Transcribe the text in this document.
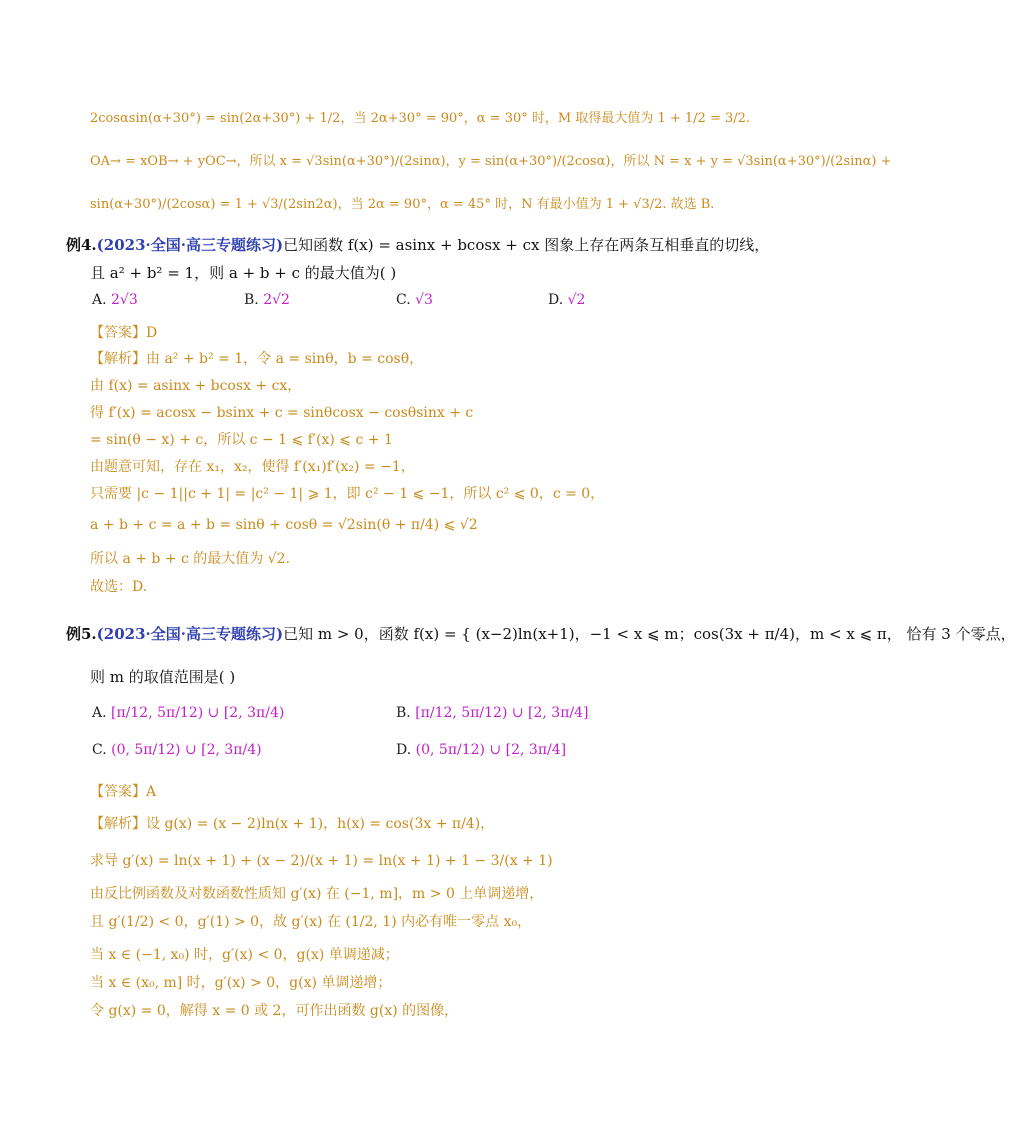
2cosαsin(α+30°) = sin(2α+30°) + 1/2，当 2α+30° = 90°，α = 30° 时，M 取得最大值为 1 + 1/2 = 3/2.
OA→ = xOB→ + yOC→，所以 x = √3sin(α+30°)/(2sinα)，y = sin(α+30°)/(2cosα)，所以 N = x + y = √3sin(α+30°)/(2sinα) +
sin(α+30°)/(2cosα) = 1 + √3/(2sin2α)，当 2α = 90°，α = 45° 时，N 有最小值为 1 + √3/2. 故选 B.
例4.(2023·全国·高三专题练习)已知函数 f(x) = asinx + bcosx + cx 图象上存在两条互相垂直的切线，
且 a² + b² = 1，则 a + b + c 的最大值为( )
A. 2√3	B. 2√2	C. √3	D. √2
【答案】D
【解析】由 a² + b² = 1，令 a = sinθ，b = cosθ，
由 f(x) = asinx + bcosx + cx，
得 f′(x) = acosx − bsinx + c = sinθcosx − cosθsinx + c
= sin(θ − x) + c，所以 c − 1 ⩽ f′(x) ⩽ c + 1
由题意可知，存在 x₁，x₂，使得 f′(x₁)f′(x₂) = −1，
只需要 |c − 1||c + 1| = |c² − 1| ⩾ 1，即 c² − 1 ⩽ −1，所以 c² ⩽ 0，c = 0，
a + b + c = a + b = sinθ + cosθ = √2sin(θ + π/4) ⩽ √2
所以 a + b + c 的最大值为 √2.
故选：D.
例5.(2023·全国·高三专题练习)已知 m > 0，函数 f(x) = { (x−2)ln(x+1)，−1 < x ⩽ m；cos(3x + π/4)，m < x ⩽ π， 恰有 3 个零点，
则 m 的取值范围是( )
A. [π/12, 5π/12) ∪ [2, 3π/4)	B. [π/12, 5π/12) ∪ [2, 3π/4]
C. (0, 5π/12) ∪ [2, 3π/4)	D. (0, 5π/12) ∪ [2, 3π/4]
【答案】A
【解析】设 g(x) = (x − 2)ln(x + 1)，h(x) = cos(3x + π/4)，
求导 g′(x) = ln(x + 1) + (x − 2)/(x + 1) = ln(x + 1) + 1 − 3/(x + 1)
由反比例函数及对数函数性质知 g′(x) 在 (−1, m]，m > 0 上单调递增，
且 g′(1/2) < 0，g′(1) > 0，故 g′(x) 在 (1/2, 1) 内必有唯一零点 x₀，
当 x ∈ (−1, x₀) 时，g′(x) < 0，g(x) 单调递减；
当 x ∈ (x₀, m] 时，g′(x) > 0，g(x) 单调递增；
令 g(x) = 0，解得 x = 0 或 2，可作出函数 g(x) 的图像，
